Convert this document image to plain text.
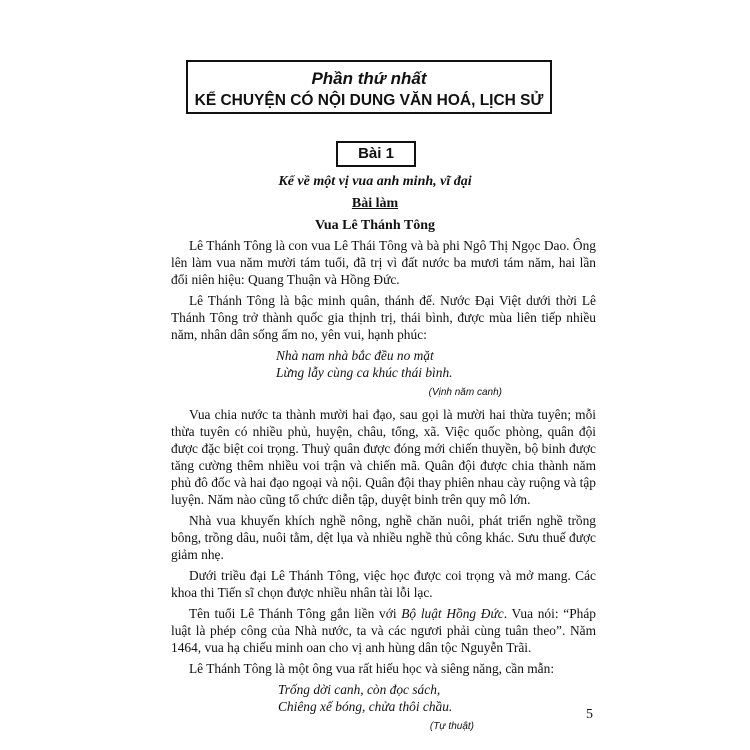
Phần thứ nhất
KỂ CHUYỆN CÓ NỘI DUNG VĂN HOÁ, LỊCH SỬ
Bài 1
Kể về một vị vua anh minh, vĩ đại
Bài làm
Vua Lê Thánh Tông

Lê Thánh Tông là con vua Lê Thái Tông và bà phi Ngô Thị Ngọc Dao. Ông lên làm vua năm mười tám tuổi, đã trị vì đất nước ba mươi tám năm, hai lần đổi niên hiệu: Quang Thuận và Hồng Đức.

Lê Thánh Tông là bậc minh quân, thánh đế. Nước Đại Việt dưới thời Lê Thánh Tông trở thành quốc gia thịnh trị, thái bình, được mùa liên tiếp nhiều năm, nhân dân sống ấm no, yên vui, hạnh phúc:

Nhà nam nhà bắc đều no mặt
Lừng lẫy cùng ca khúc thái bình.
(Vịnh năm canh)

Vua chia nước ta thành mười hai đạo, sau gọi là mười hai thừa tuyên; mỗi thừa tuyên có nhiều phủ, huyện, châu, tổng, xã. Việc quốc phòng, quân đội được đặc biệt coi trọng. Thuỷ quân được đóng mới chiến thuyền, bộ binh được tăng cường thêm nhiều voi trận và chiến mã. Quân đội được chia thành năm phủ đô đốc và hai đạo ngoại và nội. Quân đội thay phiên nhau cày ruộng và tập luyện. Năm nào cũng tổ chức diễn tập, duyệt binh trên quy mô lớn.

Nhà vua khuyến khích nghề nông, nghề chăn nuôi, phát triển nghề trồng bông, trồng dâu, nuôi tằm, dệt lụa và nhiều nghề thủ công khác. Sưu thuế được giảm nhẹ.

Dưới triều đại Lê Thánh Tông, việc học được coi trọng và mở mang. Các khoa thi Tiến sĩ chọn được nhiều nhân tài lỗi lạc.

Tên tuổi Lê Thánh Tông gắn liền với Bộ luật Hồng Đức. Vua nói: “Pháp luật là phép công của Nhà nước, ta và các ngươi phải cùng tuân theo”. Năm 1464, vua hạ chiếu minh oan cho vị anh hùng dân tộc Nguyễn Trãi.

Lê Thánh Tông là một ông vua rất hiếu học và siêng năng, cần mẫn:

Trống dời canh, còn đọc sách,
Chiêng xế bóng, chửa thôi chầu.
(Tự thuật)
5
